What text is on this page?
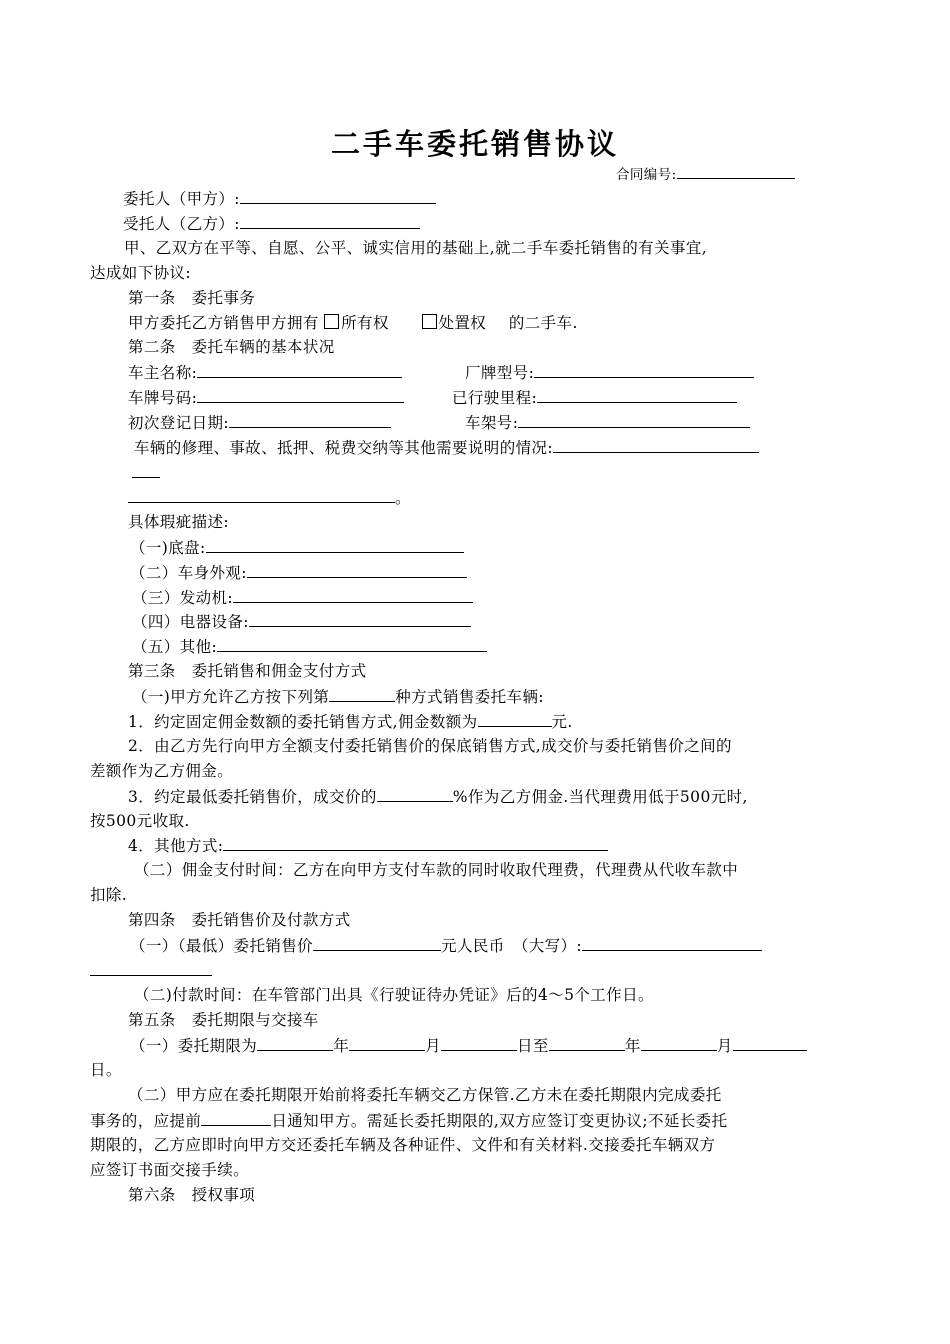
二手车委托销售协议
合同编号:
委托人（甲方）:
受托人（乙方）:
甲、乙双方在平等、自愿、公平、诚实信用的基础上,就二手车委托销售的有关事宜,
达成如下协议:
第一条　委托事务
甲方委托乙方销售甲方拥有 所有权	处置权 的二手车.
第二条　委托车辆的基本状况
车主名称:	厂牌型号:
车牌号码:	已行驶里程:
初次登记日期:	车架号:
车辆的修理、事故、抵押、税费交纳等其他需要说明的情况:
。
具体瑕疵描述:
（一)底盘:
（二）车身外观:
（三）发动机:
（四）电器设备:
（五）其他:
第三条　委托销售和佣金支付方式
（一)甲方允许乙方按下列第	种方式销售委托车辆:
1．约定固定佣金数额的委托销售方式,佣金数额为	元.
2．由乙方先行向甲方全额支付委托销售价的保底销售方式,成交价与委托销售价之间的
差额作为乙方佣金。
3．约定最低委托销售价，成交价的	%作为乙方佣金.当代理费用低于500元时,
按500元收取.
4．其他方式:
（二）佣金支付时间：乙方在向甲方支付车款的同时收取代理费，代理费从代收车款中
扣除.
第四条　委托销售价及付款方式
（一）（最低）委托销售价	元人民币　（大写）:
（二)付款时间：在车管部门出具《行驶证待办凭证》后的4～5个工作日。
第五条　委托期限与交接车
（一）委托期限为	年	月	日至	年	月
日。
（二）甲方应在委托期限开始前将委托车辆交乙方保管.乙方未在委托期限内完成委托
事务的，应提前	日通知甲方。需延长委托期限的,双方应签订变更协议;不延长委托
期限的，乙方应即时向甲方交还委托车辆及各种证件、文件和有关材料.交接委托车辆双方
应签订书面交接手续。
第六条　授权事项
